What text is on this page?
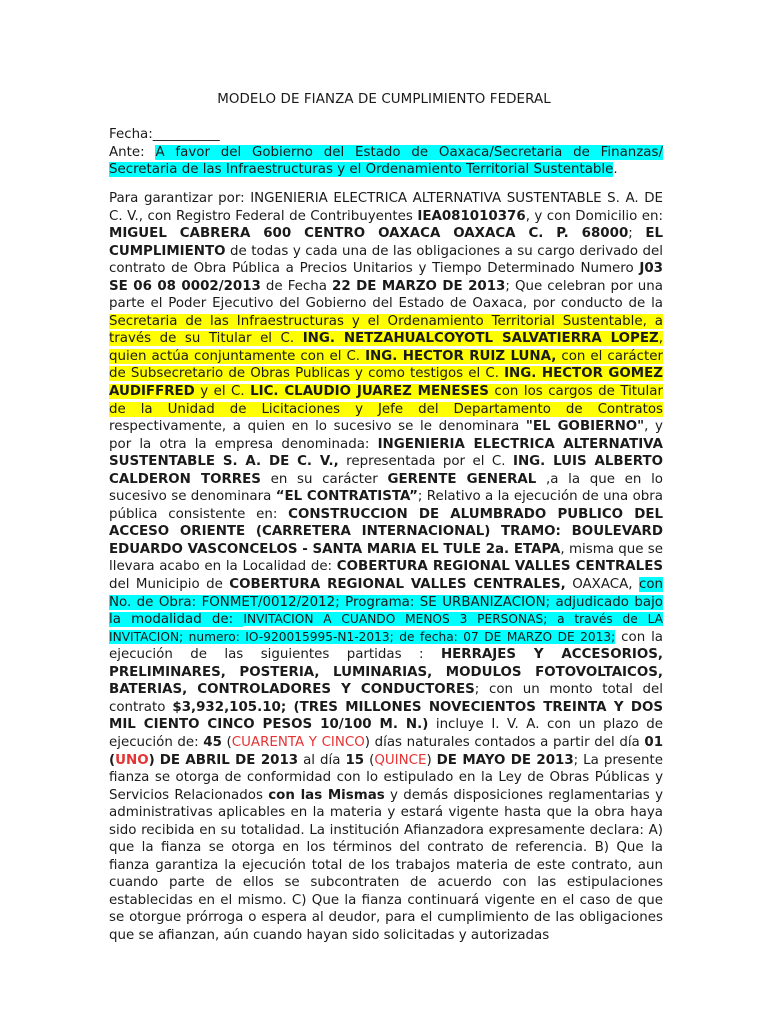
MODELO DE FIANZA DE CUMPLIMIENTO FEDERAL

Fecha:__________

Ante: A favor del Gobierno del Estado de Oaxaca/Secretaria de Finanzas/ Secretaria de las Infraestructuras y el Ordenamiento Territorial Sustentable.

Para garantizar por: INGENIERIA ELECTRICA ALTERNATIVA SUSTENTABLE S. A. DE C. V., con Registro Federal de Contribuyentes IEA081010376, y con Domicilio en: MIGUEL CABRERA 600 CENTRO OAXACA OAXACA C. P. 68000; EL CUMPLIMIENTO de todas y cada una de las obligaciones a su cargo derivado del contrato de Obra Pública a Precios Unitarios y Tiempo Determinado Numero J03 SE 06 08 0002/2013 de Fecha 22 DE MARZO DE 2013; Que celebran por una parte el Poder Ejecutivo del Gobierno del Estado de Oaxaca, por conducto de la Secretaria de las Infraestructuras y el Ordenamiento Territorial Sustentable, a través de su Titular el C. ING. NETZAHUALCOYOTL SALVATIERRA LOPEZ, quien actúa conjuntamente con el C. ING. HECTOR RUIZ LUNA, con el carácter de Subsecretario de Obras Publicas y como testigos el C. ING. HECTOR GOMEZ AUDIFFRED y el C. LIC. CLAUDIO JUAREZ MENESES con los cargos de Titular de la Unidad de Licitaciones y Jefe del Departamento de Contratos respectivamente, a quien en lo sucesivo se le denominara "EL GOBIERNO", y por la otra la empresa denominada: INGENIERIA ELECTRICA ALTERNATIVA SUSTENTABLE S. A. DE C. V., representada por el C. ING. LUIS ALBERTO CALDERON TORRES en su carácter GERENTE GENERAL ,a la que en lo sucesivo se denominara “EL CONTRATISTA”; Relativo a la ejecución de una obra pública consistente en: CONSTRUCCION DE ALUMBRADO PUBLICO DEL ACCESO ORIENTE (CARRETERA INTERNACIONAL) TRAMO: BOULEVARD EDUARDO VASCONCELOS - SANTA MARIA EL TULE 2a. ETAPA, misma que se llevara acabo en la Localidad de: COBERTURA REGIONAL VALLES CENTRALES del Municipio de COBERTURA REGIONAL VALLES CENTRALES, OAXACA, con No. de Obra: FONMET/0012/2012; Programa: SE URBANIZACION; adjudicado bajo la modalidad de: INVITACION A CUANDO MENOS 3 PERSONAS; a través de LA INVITACION; numero: IO-920015995-N1-2013; de fecha: 07 DE MARZO DE 2013; con la ejecución de las siguientes partidas : HERRAJES Y ACCESORIOS, PRELIMINARES, POSTERIA, LUMINARIAS, MODULOS FOTOVOLTAICOS, BATERIAS, CONTROLADORES Y CONDUCTORES; con un monto total del contrato $3,932,105.10; (TRES MILLONES NOVECIENTOS TREINTA Y DOS MIL CIENTO CINCO PESOS 10/100 M. N.) incluye I. V. A. con un plazo de ejecución de: 45 (CUARENTA Y CINCO) días naturales contados a partir del día 01 (UNO) DE ABRIL DE 2013 al día 15 (QUINCE) DE MAYO DE 2013; La presente fianza se otorga de conformidad con lo estipulado en la Ley de Obras Públicas y Servicios Relacionados con las Mismas y demás disposiciones reglamentarias y administrativas aplicables en la materia y estará vigente hasta que la obra haya sido recibida en su totalidad. La institución Afianzadora expresamente declara: A) que la fianza se otorga en los términos del contrato de referencia. B) Que la fianza garantiza la ejecución total de los trabajos materia de este contrato, aun cuando parte de ellos se subcontraten de acuerdo con las estipulaciones establecidas en el mismo. C) Que la fianza continuará vigente en el caso de que se otorgue prórroga o espera al deudor, para el cumplimiento de las obligaciones que se afianzan, aún cuando hayan sido solicitadas y autorizadas
